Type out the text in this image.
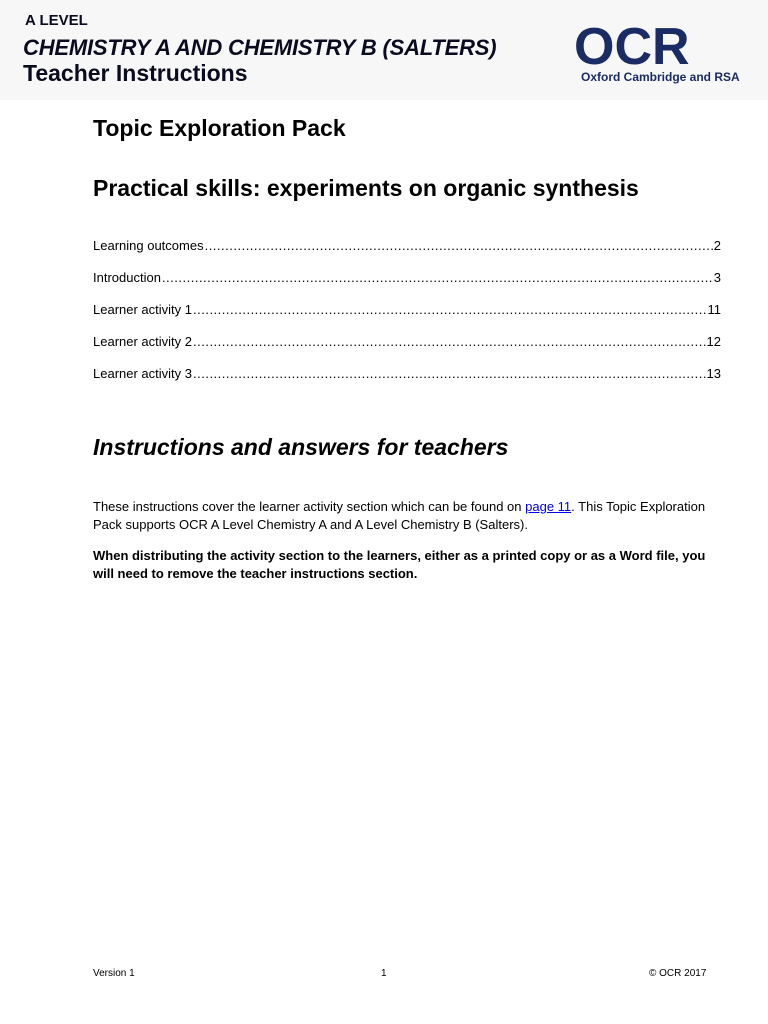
A LEVEL
CHEMISTRY A AND CHEMISTRY B (SALTERS)
Teacher Instructions	OCR
Oxford Cambridge and RSA
Topic Exploration Pack
Practical skills: experiments on organic synthesis
Learning outcomes .....	2
Introduction .....	3
Learner activity 1 .....	11
Learner activity 2 .....	12
Learner activity 3 .....	13
Instructions and answers for teachers

These instructions cover the learner activity section which can be found on page 11. This Topic Exploration Pack supports OCR A Level Chemistry A and A Level Chemistry B (Salters).

When distributing the activity section to the learners, either as a printed copy or as a Word file, you will need to remove the teacher instructions section.

Version 1	1	© OCR 2017
